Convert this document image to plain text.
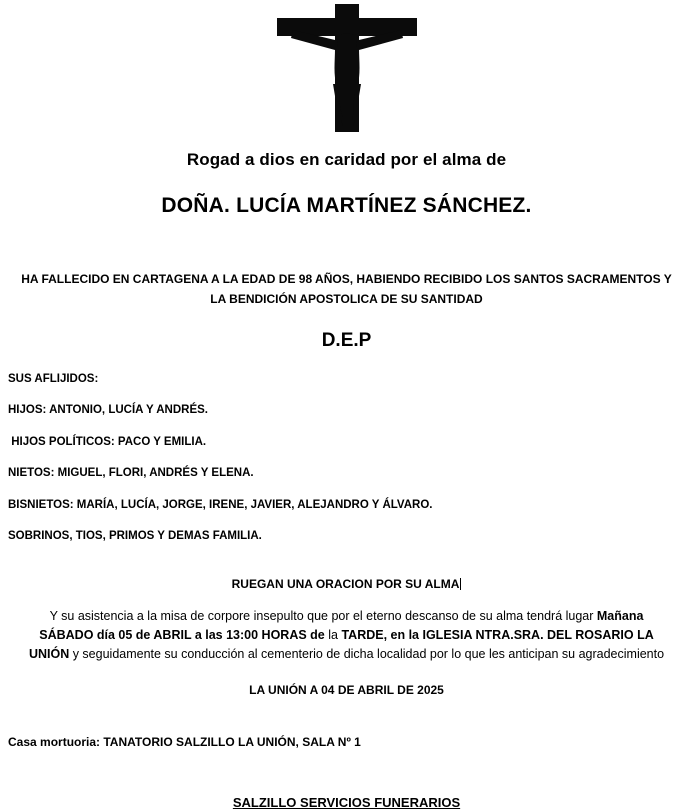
Rogad a dios en caridad por el alma de
DOÑA. LUCÍA MARTÍNEZ SÁNCHEZ.
HA FALLECIDO EN CARTAGENA A LA EDAD DE 98 AÑOS, HABIENDO RECIBIDO LOS SANTOS SACRAMENTOS Y LA BENDICIÓN APOSTOLICA DE SU SANTIDAD
D.E.P
SUS AFLIJIDOS:
HIJOS: ANTONIO, LUCÍA Y ANDRÉS.
HIJOS POLÍTICOS: PACO Y EMILIA.
NIETOS: MIGUEL, FLORI, ANDRÉS Y ELENA.
BISNIETOS: MARÍA, LUCÍA, JORGE, IRENE, JAVIER, ALEJANDRO Y ÁLVARO.
SOBRINOS, TIOS, PRIMOS Y DEMAS FAMILIA.
RUEGAN UNA ORACION POR SU ALMA
Y su asistencia a la misa de corpore insepulto que por el eterno descanso de su alma tendrá lugar Mañana SÁBADO día 05 de ABRIL a las 13:00 HORAS de la TARDE, en la IGLESIA NTRA.SRA. DEL ROSARIO LA UNIÓN y seguidamente su conducción al cementerio de dicha localidad por lo que les anticipan su agradecimiento
LA UNIÓN A 04 DE ABRIL DE 2025
Casa mortuoria: TANATORIO SALZILLO LA UNIÓN, SALA Nº 1
SALZILLO SERVICIOS FUNERARIOS
